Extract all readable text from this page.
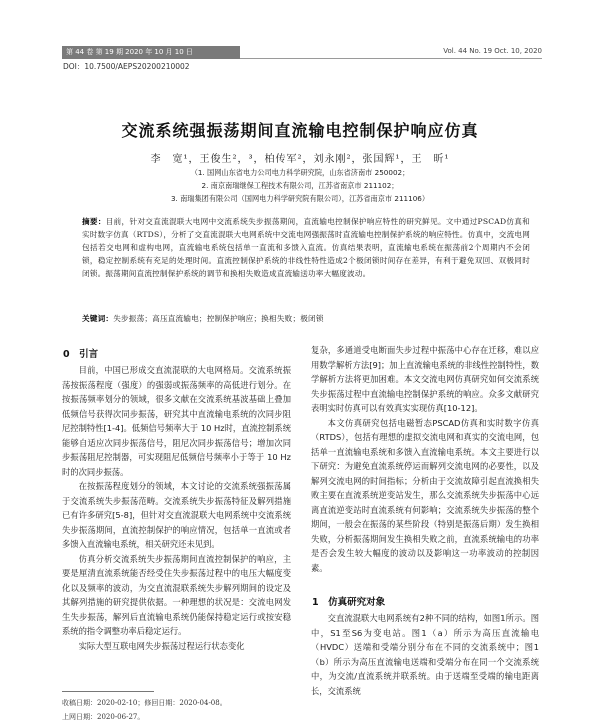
第 44 卷 第 19 期 2020 年 10 月 10 日	Vol. 44 No. 19 Oct. 10, 2020
DOI：10.7500/AEPS20200210002
交流系统强振荡期间直流输电控制保护响应仿真
李　宽¹，王俊生²，³，柏传军²，刘永刚²，张国辉¹，王　昕¹
（1. 国网山东省电力公司电力科学研究院，山东省济南市 250002；
2. 南京南瑞继保工程技术有限公司，江苏省南京市 211102；
3. 南瑞集团有限公司（国网电力科学研究院有限公司），江苏省南京市 211106）
摘要：目前，针对交直流混联大电网中交流系统失步振荡期间，直流输电控制保护响应特性的研究鲜见。文中通过PSCAD仿真和实时数字仿真（RTDS），分析了交直流混联大电网系统中交流电网强振荡时直流输电控制保护系统的响应特性。仿真中，交流电网包括若交电网和虚构电网，直流输电系统包括单一直流和多馈入直流。仿真结果表明，直流输电系统在振荡前2个周期内不会闭锁，稳定控制系统有充足的处理时间。直流控制保护系统的非线性特性造成2个极闭锁时间存在差异，有利于避免双回、双极同时闭锁。振荡期间直流控制保护系统的调节和换相失败造成直流输送功率大幅度波动。
关键词：失步振荡；高压直流输电；控制保护响应；换相失败；极闭锁
0　引言

目前，中国已形成交直流混联的大电网格局。交流系统振荡按振荡程度（强度）的强弱或振荡频率的高低进行划分。在按振荡频率划分的领域，很多文献在交流系统基波基础上叠加低频信号获得次同步振荡，研究其中直流输电系统的次同步阻尼控制特性[1-4]。低频信号频率大于 10 Hz时，直流控制系统能够自适应次同步振荡信号，阻尼次同步振荡信号；增加次同步振荡阻尼控制器，可实现阻尼低频信号频率小于等于 10 Hz时的次同步振荡。

在按振荡程度划分的领域，本文讨论的交流系统强振荡属于交流系统失步振荡范畴。交流系统失步振荡特征及解列措施已有许多研究[5-8]，但针对交直流混联大电网系统中交流系统失步振荡期间，直流控制保护的响应情况，包括单一直流或者多馈入直流输电系统，相关研究还未见到。

仿真分析交流系统失步振荡期间直流控制保护的响应，主要是厘清直流系统能否经受住失步振荡过程中的电压大幅度变化以及频率的波动，为交直流混联系统失步解列期间的设定及其解列措施的研究提供依据。一种理想的状况是：交流电网发生失步振荡，解列后直流输电系统仍能保持稳定运行或按安稳系统的指令调整功率后稳定运行。

实际大型互联电网失步振荡过程运行状态变化

复杂，多通道受电断面失步过程中振荡中心存在迁移，难以应用数学解析方法[9]；加上直流输电系统的非线性控制特性，数学解析方法将更加困难。本文交流电网仿真研究如何交流系统失步振荡过程中直流输电控制保护系统的响应。众多文献研究表明实时仿真可以有效真实实现仿真[10-12]。

本文仿真研究包括电磁暂态PSCAD仿真和实时数字仿真（RTDS），包括有理想的虚拟交流电网和真实的交流电网，包括单一直流输电系统和多馈入直流输电系统。本文主要进行以下研究：为避免直流系统停运而解列交流电网的必要性，以及解列交流电网的时间指标；分析由于交流故障引起直流换相失败主要在直流系统逆变站发生，那么交流系统失步振荡中心远离直流逆变站时直流系统有何影响；交流系统失步振荡的整个期间，一般会在振荡的某些阶段（特别是振荡后期）发生换相失败，分析振荡期间发生换相失败之前，直流系统输电的功率是否会发生较大幅度的波动以及影响这一功率波动的控制因素。

1　仿真研究对象

交直流混联大电网系统有2种不同的结构，如图1所示。图中，S1至S6为变电站。图1（a）所示为高压直流输电（HVDC）送端和受端分别分布在不同的交流系统中；图1（b）所示为高压直流输电送端和受端分布在同一个交流系统中，为交流/直流系统并联系统。由于送端至受端的输电距离长，交流系统

收稿日期：2020-02-10；修回日期：2020-04-08。
上网日期：2020-06-27。
